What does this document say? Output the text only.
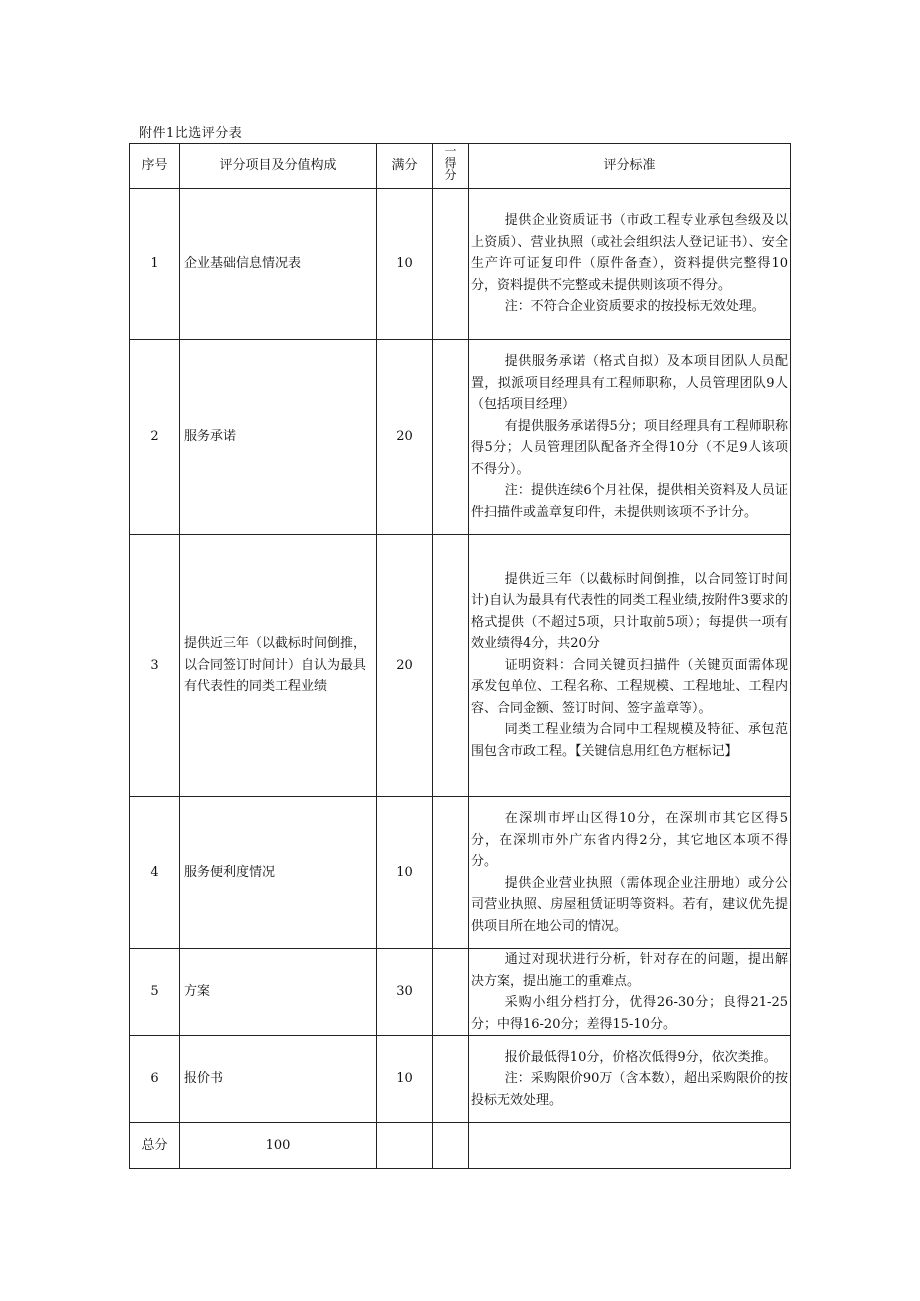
附件1比选评分表
序号	评分项目及分值构成	满分	一得分	评分标准
1	企业基础信息情况表	10		提供企业资质证书（市政工程专业承包叁级及以上资质）、营业执照（或社会组织法人登记证书）、安全生产许可证复印件（原件备查），资料提供完整得10分，资料提供不完整或未提供则该项不得分。

注：不符合企业资质要求的按投标无效处理。

2	服务承诺	20		提供服务承诺（格式自拟）及本项目团队人员配置，拟派项目经理具有工程师职称，人员管理团队9人（包括项目经理）

有提供服务承诺得5分；项目经理具有工程师职称得5分；人员管理团队配备齐全得10分（不足9人该项不得分）。

注：提供连续6个月社保，提供相关资料及人员证件扫描件或盖章复印件，未提供则该项不予计分。

3	提供近三年（以截标时间倒推，以合同签订时间计）自认为最具有代表性的同类工程业绩	20		提供近三年（以截标时间倒推，以合同签订时间计)自认为最具有代表性的同类工程业绩,按附件3要求的格式提供（不超过5项，只计取前5项）；每提供一项有效业绩得4分，共20分

证明资料：合同关键页扫描件（关键页面需体现承发包单位、工程名称、工程规模、工程地址、工程内容、合同金额、签订时间、签字盖章等）。

同类工程业绩为合同中工程规模及特征、承包范围包含市政工程。【关键信息用红色方框标记】

4	服务便利度情况	10		在深圳市坪山区得10分，在深圳市其它区得5分，在深圳市外广东省内得2分，其它地区本项不得分。

提供企业营业执照（需体现企业注册地）或分公司营业执照、房屋租赁证明等资料。若有，建议优先提供项目所在地公司的情况。

5	方案	30		通过对现状进行分析，针对存在的问题，提出解决方案，提出施工的重难点。

采购小组分档打分，优得26-30分；良得21-25分；中得16-20分；差得15-10分。

6	报价书	10		报价最低得10分，价格次低得9分，依次类推。

注：采购限价90万（含本数），超出采购限价的按投标无效处理。

总分	100			
